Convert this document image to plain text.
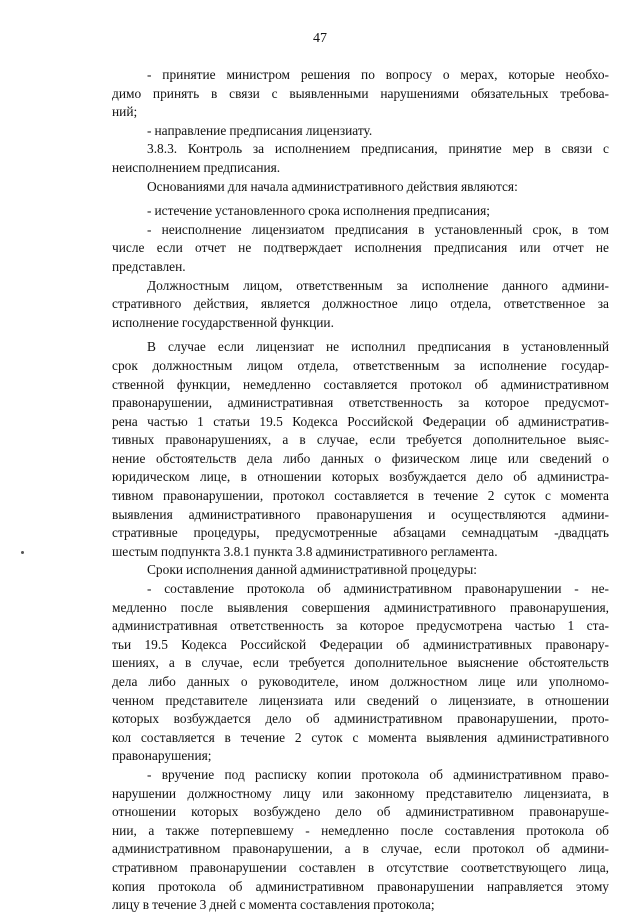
47
- принятие министром решения по вопросу о мерах, которые необхо-
димо принять в связи с выявленными нарушениями обязательных требова-
ний;
- направление предписания лицензиату.
3.8.3. Контроль за исполнением предписания, принятие мер в связи с
неисполнением предписания.
Основаниями для начала административного действия являются:
- истечение установленного срока исполнения предписания;
- неисполнение лицензиатом предписания в установленный срок, в том
числе если отчет не подтверждает исполнения предписания или отчет не
представлен.
Должностным лицом, ответственным за исполнение данного админи-
стративного действия, является должностное лицо отдела, ответственное за
исполнение государственной функции.
В случае если лицензиат не исполнил предписания в установленный
срок должностным лицом отдела, ответственным за исполнение государ-
ственной функции, немедленно составляется протокол об административном
правонарушении, административная ответственность за которое предусмот-
рена частью 1 статьи 19.5 Кодекса Российской Федерации об административ-
тивных правонарушениях, а в случае, если требуется дополнительное выяс-
нение обстоятельств дела либо данных о физическом лице или сведений о
юридическом лице, в отношении которых возбуждается дело об администра-
тивном правонарушении, протокол составляется в течение 2 суток с момента
выявления административного правонарушения и осуществляются админи-
стративные процедуры, предусмотренные абзацами семнадцатым -двадцать
шестым подпункта 3.8.1 пункта 3.8 административного регламента.
Сроки исполнения данной административной процедуры:
- составление протокола об административном правонарушении - не-
медленно после выявления совершения административного правонарушения,
административная ответственность за которое предусмотрена частью 1 ста-
тьи 19.5 Кодекса Российской Федерации об административных правонару-
шениях, а в случае, если требуется дополнительное выяснение обстоятельств
дела либо данных о руководителе, ином должностном лице или уполномо-
ченном представителе лицензиата или сведений о лицензиате, в отношении
которых возбуждается дело об административном правонарушении, прото-
кол составляется в течение 2 суток с момента выявления административного
правонарушения;
- вручение под расписку копии протокола об административном право-
нарушении должностному лицу или законному представителю лицензиата, в
отношении которых возбуждено дело об административном правонаруше-
нии, а также потерпевшему - немедленно после составления протокола об
административном правонарушении, а в случае, если протокол об админи-
стративном правонарушении составлен в отсутствие соответствующего лица,
копия протокола об административном правонарушении направляется этому
лицу в течение 3 дней с момента составления протокола;
